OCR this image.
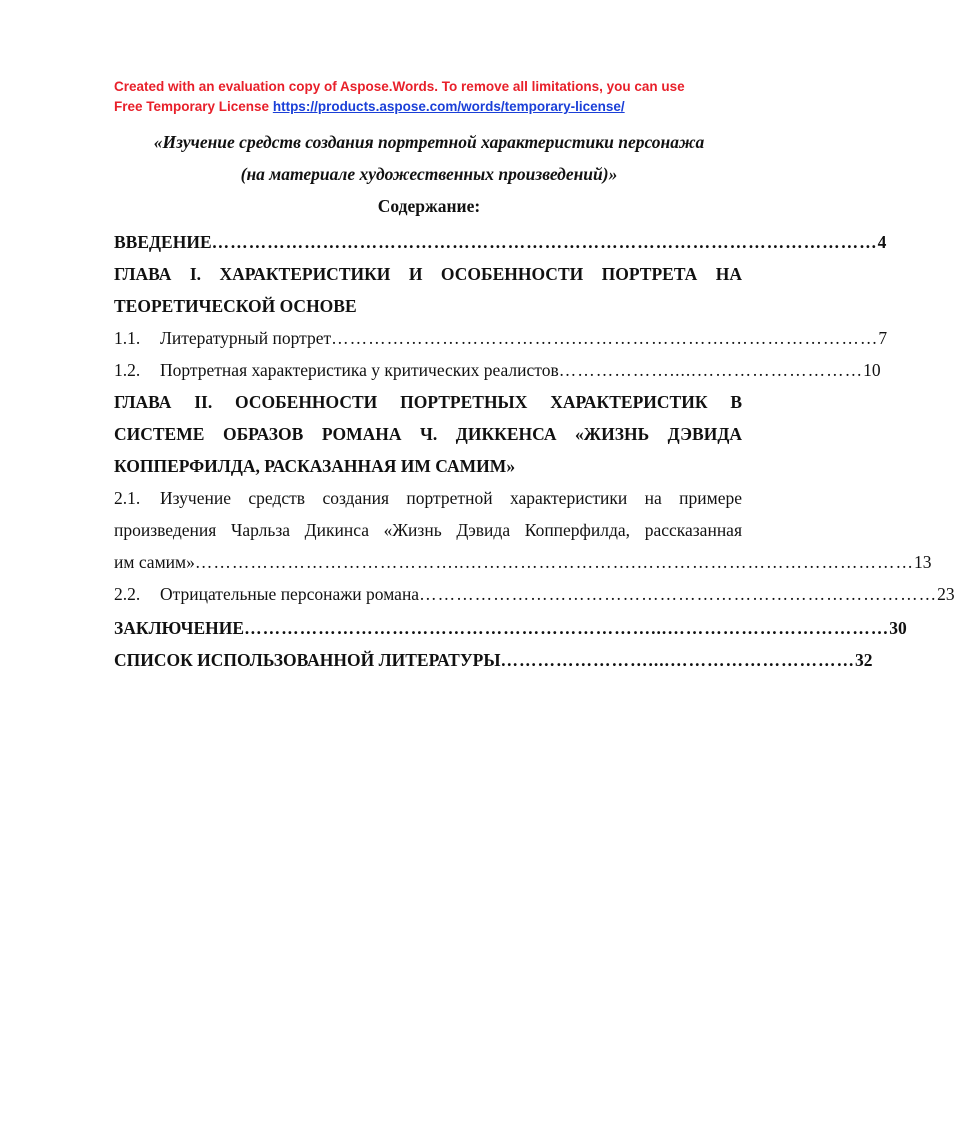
Created with an evaluation copy of Aspose.Words. To remove all limitations, you can use
Free Temporary License https://products.aspose.com/words/temporary-license/
«Изучение средств создания портретной характеристики персонажа
(на материале художественных произведений)»
Содержание:
ВВЕДЕНИЕ ……………………………………………………………………………………………… 4
ГЛАВА I. ХАРАКТЕРИСТИКИ И ОСОБЕННОСТИ ПОРТРЕТА НА
ТЕОРЕТИЧЕСКОЙ ОСНОВЕ
1.1. Литературный портрет ………………………………….…………………….…………………… 7
1.2. Портретная характеристика у критических реалистов ……………….....……………………… 10
ГЛАВА II. ОСОБЕННОСТИ ПОРТРЕТНЫХ ХАРАКТЕРИСТИК В
СИСТЕМЕ ОБРАЗОВ РОМАНА Ч. ДИККЕНСА «ЖИЗНЬ ДЭВИДА
КОППЕРФИЛДА, РАСКАЗАННАЯ ИМ САМИМ»
2.1. Изучение средств создания портретной характеристики на примере
произведения Чарльза Дикинса «Жизнь Дэвида Копперфилда, рассказанная
им самим» ……………………………………..……………………….……………………………………… 13
2.2. Отрицательные персонажи романа ………………………………………………………………………… 23
ЗАКЛЮЧЕНИЕ …………………………………………………………...……………………………… 30
СПИСОК ИСПОЛЬЗОВАННОЙ ЛИТЕРАТУРЫ ……………………....………………………… 32
